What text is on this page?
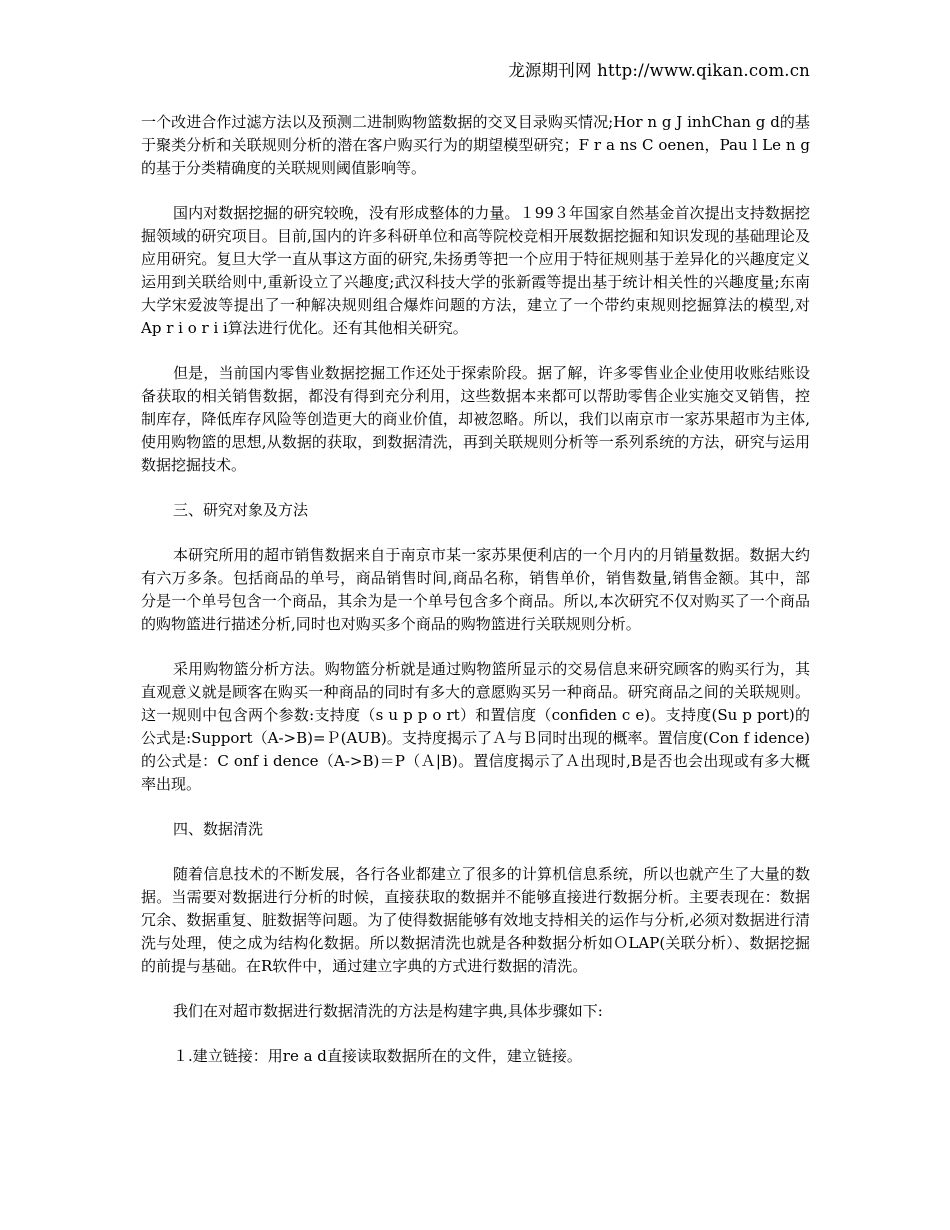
龙源期刊网 http://www.qikan.com.cn

一个改进合作过滤方法以及预测二进制购物篮数据的交叉目录购买情况;Hor n g J inhChan g d的基于聚类分析和关联规则分析的潜在客户购买行为的期望模型研究；F r a ns C oenen，Pau l Le n g的基于分类精确度的关联规则阈值影响等。

国内对数据挖掘的研究较晚，没有形成整体的力量。１99３年国家自然基金首次提出支持数据挖掘领域的研究项目。目前,国内的许多科研单位和高等院校竞相开展数据挖掘和知识发现的基础理论及应用研究。复旦大学一直从事这方面的研究,朱扬勇等把一个应用于特征规则基于差异化的兴趣度定义运用到关联给则中,重新设立了兴趣度;武汉科技大学的张新霞等提出基于统计相关性的兴趣度量;东南大学宋爱波等提出了一种解决规则组合爆炸问题的方法，建立了一个带约束规则挖掘算法的模型,对Ap r i o r i i算法进行优化。还有其他相关研究。

但是，当前国内零售业数据挖掘工作还处于探索阶段。据了解，许多零售业企业使用收账结账设备获取的相关销售数据，都没有得到充分利用，这些数据本来都可以帮助零售企业实施交叉销售，控制库存，降低库存风险等创造更大的商业价值，却被忽略。所以，我们以南京市一家苏果超市为主体,使用购物篮的思想,从数据的获取，到数据清洗，再到关联规则分析等一系列系统的方法，研究与运用数据挖掘技术。

三、研究对象及方法

本研究所用的超市销售数据来自于南京市某一家苏果便利店的一个月内的月销量数据。数据大约有六万多条。包括商品的单号，商品销售时间,商品名称，销售单价，销售数量,销售金额。其中，部分是一个单号包含一个商品，其余为是一个单号包含多个商品。所以,本次研究不仅对购买了一个商品的购物篮进行描述分析,同时也对购买多个商品的购物篮进行关联规则分析。

采用购物篮分析方法。购物篮分析就是通过购物篮所显示的交易信息来研究顾客的购买行为，其直观意义就是顾客在购买一种商品的同时有多大的意愿购买另一种商品。研究商品之间的关联规则。这一规则中包含两个参数:支持度（s u p p o rt）和置信度（confiden c e)。支持度(Su p port)的公式是:Support（A->B)=Ｐ(AUB)。支持度揭示了Ａ与Ｂ同时出现的概率。置信度(Con f idence)的公式是：C onf i dence（A->B)＝P（Ａ|B)。置信度揭示了Ａ出现时,B是否也会出现或有多大概率出现。

四、数据清洗

随着信息技术的不断发展，各行各业都建立了很多的计算机信息系统，所以也就产生了大量的数据。当需要对数据进行分析的时候，直接获取的数据并不能够直接进行数据分析。主要表现在：数据冗余、数据重复、脏数据等问题。为了使得数据能够有效地支持相关的运作与分析,必须对数据进行清洗与处理，使之成为结构化数据。所以数据清洗也就是各种数据分析如ＯLAP(关联分析）、数据挖掘的前提与基础。在R软件中，通过建立字典的方式进行数据的清洗。

我们在对超市数据进行数据清洗的方法是构建字典,具体步骤如下:

１.建立链接：用re a d直接读取数据所在的文件，建立链接。
